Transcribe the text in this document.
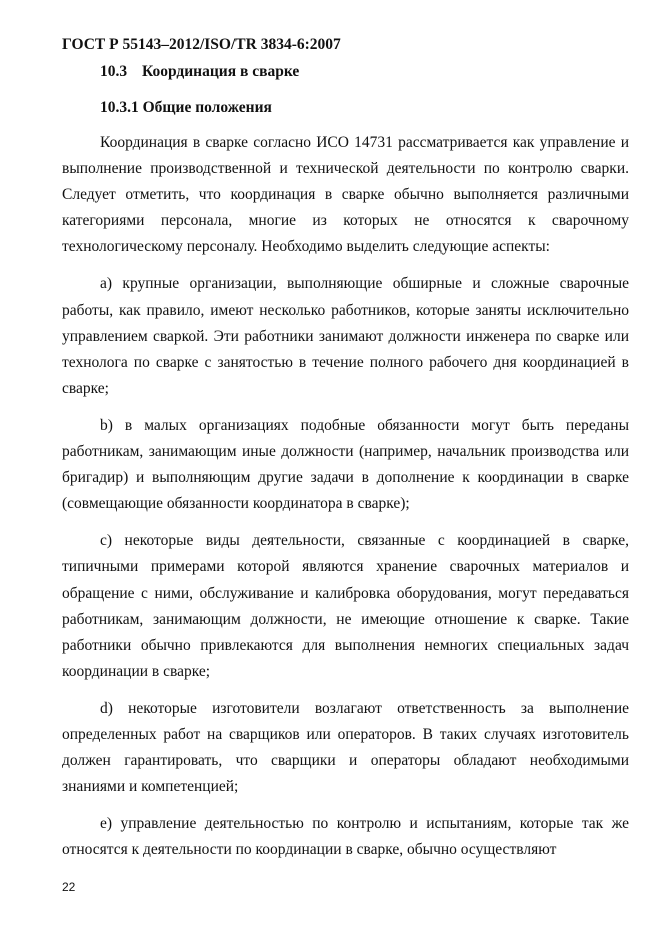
ГОСТ Р 55143–2012/ISO/TR 3834-6:2007
10.3 Координация в сварке
10.3.1 Общие положения

Координация в сварке согласно ИСО 14731 рассматривается как управление и выполнение производственной и технической деятельности по контролю сварки. Следует отметить, что координация в сварке обычно выполняется различными категориями персонала, многие из которых не относятся к сварочному технологическому персоналу. Необходимо выделить следующие аспекты:

a) крупные организации, выполняющие обширные и сложные сварочные работы, как правило, имеют несколько работников, которые заняты исключительно управлением сваркой. Эти работники занимают должности инженера по сварке или технолога по сварке с занятостью в течение полного рабочего дня координацией в сварке;

b) в малых организациях подобные обязанности могут быть переданы работникам, занимающим иные должности (например, начальник производства или бригадир) и выполняющим другие задачи в дополнение к координации в сварке (совмещающие обязанности координатора в сварке);

c) некоторые виды деятельности, связанные с координацией в сварке, типичными примерами которой являются хранение сварочных материалов и обращение с ними, обслуживание и калибровка оборудования, могут передаваться работникам, занимающим должности, не имеющие отношение к сварке. Такие работники обычно привлекаются для выполнения немногих специальных задач координации в сварке;

d) некоторые изготовители возлагают ответственность за выполнение определенных работ на сварщиков или операторов. В таких случаях изготовитель должен гарантировать, что сварщики и операторы обладают необходимыми знаниями и компетенцией;

e) управление деятельностью по контролю и испытаниям, которые так же относятся к деятельности по координации в сварке, обычно осуществляют

22
